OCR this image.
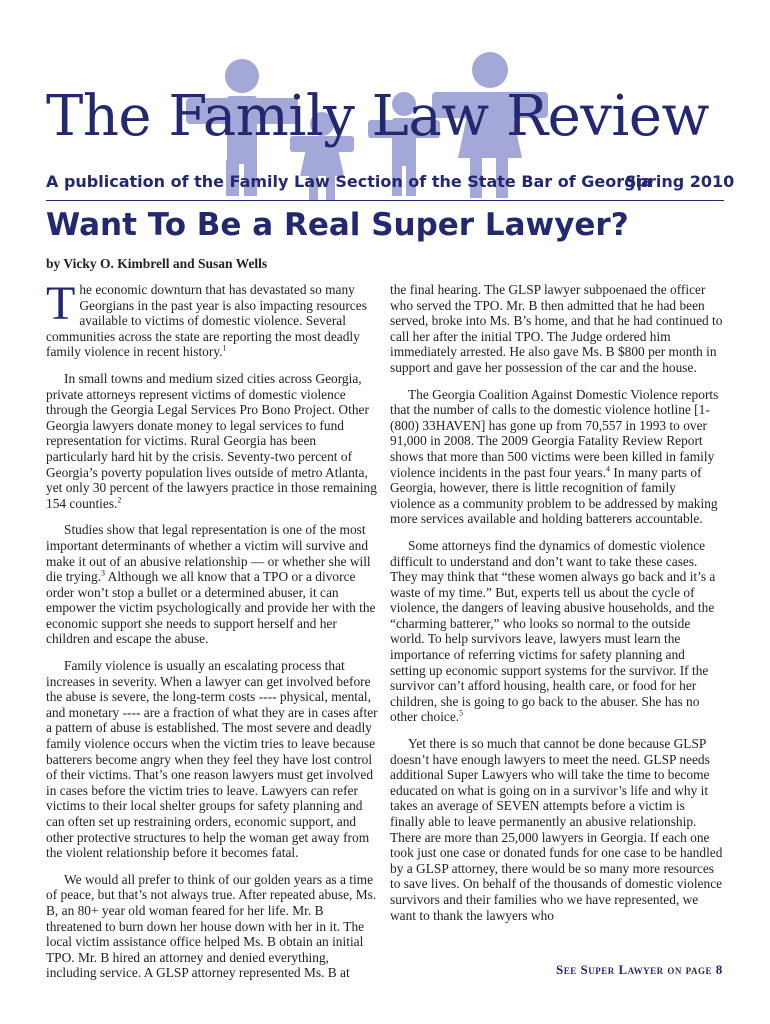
The Family Law Review
A publication of the Family Law Section of the State Bar of Georgia
Spring 2010
Want To Be a Real Super Lawyer?
by Vicky O. Kimbrell and Susan Wells

The economic downturn that has devastated so many Georgians in the past year is also impacting resources available to victims of domestic violence. Several communities across the state are reporting the most deadly family violence in recent history.$^1$

In small towns and medium sized cities across Georgia, private attorneys represent victims of domestic violence through the Georgia Legal Services Pro Bono Project. Other Georgia lawyers donate money to legal services to fund representation for victims. Rural Georgia has been particularly hard hit by the crisis. Seventy-two percent of Georgia’s poverty population lives outside of metro Atlanta, yet only 30 percent of the lawyers practice in those remaining 154 counties.$^2$

Studies show that legal representation is one of the most important determinants of whether a victim will survive and make it out of an abusive relationship — or whether she will die trying.$^3$ Although we all know that a TPO or a divorce order won’t stop a bullet or a determined abuser, it can empower the victim psychologically and provide her with the economic support she needs to support herself and her children and escape the abuse.

Family violence is usually an escalating process that increases in severity. When a lawyer can get involved before the abuse is severe, the long-term costs ---- physical, mental, and monetary ---- are a fraction of what they are in cases after a pattern of abuse is established. The most severe and deadly family violence occurs when the victim tries to leave because batterers become angry when they feel they have lost control of their victims. That’s one reason lawyers must get involved in cases before the victim tries to leave. Lawyers can refer victims to their local shelter groups for safety planning and can often set up restraining orders, economic support, and other protective structures to help the woman get away from the violent relationship before it becomes fatal.

We would all prefer to think of our golden years as a time of peace, but that’s not always true. After repeated abuse, Ms. B, an 80+ year old woman feared for her life. Mr. B threatened to burn down her house down with her in it. The local victim assistance office helped Ms. B obtain an initial TPO. Mr. B hired an attorney and denied everything, including service. A GLSP attorney represented Ms. B at

the final hearing. The GLSP lawyer subpoenaed the officer who served the TPO. Mr. B then admitted that he had been served, broke into Ms. B’s home, and that he had continued to call her after the initial TPO. The Judge ordered him immediately arrested. He also gave Ms. B $800 per month in support and gave her possession of the car and the house.

The Georgia Coalition Against Domestic Violence reports that the number of calls to the domestic violence hotline [1-(800) 33HAVEN] has gone up from 70,557 in 1993 to over 91,000 in 2008. The 2009 Georgia Fatality Review Report shows that more than 500 victims were been killed in family violence incidents in the past four years.$^4$ In many parts of Georgia, however, there is little recognition of family violence as a community problem to be addressed by making more services available and holding batterers accountable.

Some attorneys find the dynamics of domestic violence difficult to understand and don’t want to take these cases. They may think that “these women always go back and it’s a waste of my time.” But, experts tell us about the cycle of violence, the dangers of leaving abusive households, and the “charming batterer,” who looks so normal to the outside world. To help survivors leave, lawyers must learn the importance of referring victims for safety planning and setting up economic support systems for the survivor. If the survivor can’t afford housing, health care, or food for her children, she is going to go back to the abuser. She has no other choice.$^5$

Yet there is so much that cannot be done because GLSP doesn’t have enough lawyers to meet the need. GLSP needs additional Super Lawyers who will take the time to become educated on what is going on in a survivor’s life and why it takes an average of SEVEN attempts before a victim is finally able to leave permanently an abusive relationship. There are more than 25,000 lawyers in Georgia. If each one took just one case or donated funds for one case to be handled by a GLSP attorney, there would be so many more resources to save lives. On behalf of the thousands of domestic violence survivors and their families who we have represented, we want to thank the lawyers who

See Super Lawyer on page 8
